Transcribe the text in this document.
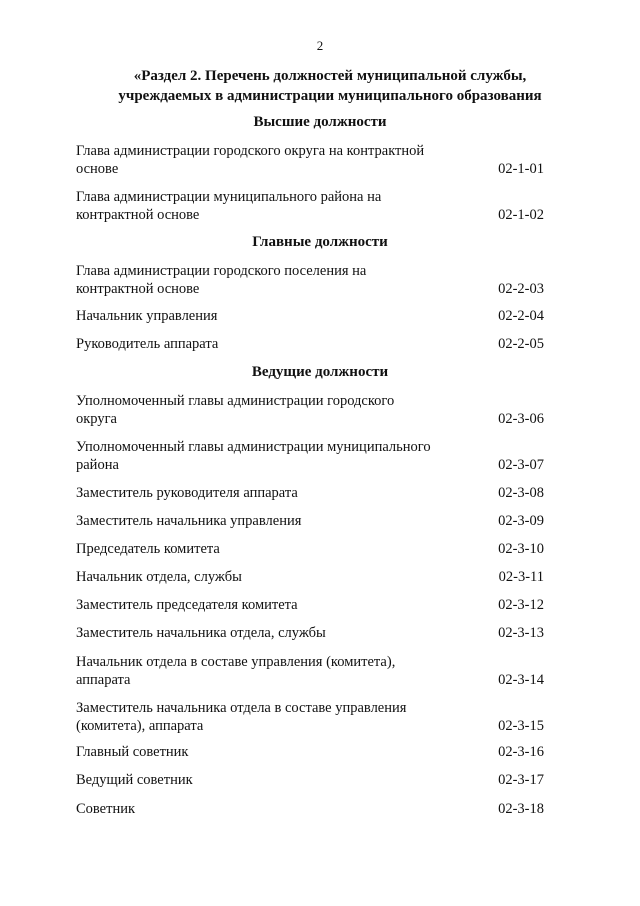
2
«Раздел 2. Перечень должностей муниципальной службы,
учреждаемых в администрации муниципального образования
Высшие должности
Глава администрации городского округа на контрактной основе	02-1-01
Глава администрации муниципального района на контрактной основе	02-1-02
Главные должности
Глава администрации городского поселения на контрактной основе	02-2-03
Начальник управления	02-2-04
Руководитель аппарата	02-2-05
Ведущие должности
Уполномоченный главы администрации городского округа	02-3-06
Уполномоченный главы администрации муниципального района	02-3-07
Заместитель руководителя аппарата	02-3-08
Заместитель начальника управления	02-3-09
Председатель комитета	02-3-10
Начальник отдела, службы	02-3-11
Заместитель председателя комитета	02-3-12
Заместитель начальника отдела, службы	02-3-13
Начальник отдела в составе управления (комитета), аппарата	02-3-14
Заместитель начальника отдела в составе управления (комитета), аппарата	02-3-15
Главный советник	02-3-16
Ведущий советник	02-3-17
Советник	02-3-18
